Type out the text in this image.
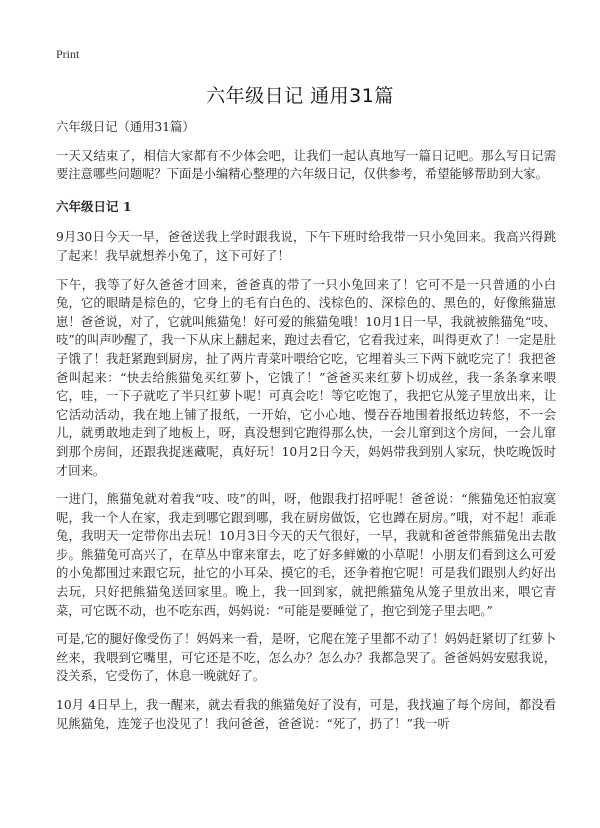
Print
六年级日记 通用31篇

六年级日记（通用31篇）

一天又结束了，相信大家都有不少体会吧，让我们一起认真地写一篇日记吧。那么写日记需要注意哪些问题呢？下面是小编精心整理的六年级日记，仅供参考，希望能够帮助到大家。

六年级日记 1

9月30日今天一早，爸爸送我上学时跟我说，下午下班时给我带一只小兔回来。我高兴得跳了起来！我早就想养小兔了，这下可好了！

下午，我等了好久爸爸才回来，爸爸真的带了一只小兔回来了！它可不是一只普通的小白兔，它的眼睛是棕色的，它身上的毛有白色的、浅棕色的、深棕色的、黑色的，好像熊猫崽崽！爸爸说，对了，它就叫熊猫兔！好可爱的熊猫兔哦！10月1日一早，我就被熊猫兔“吱、吱”的叫声吵醒了，我一下从床上翻起来，跑过去看它，它看我过来，叫得更欢了！一定是肚子饿了！我赶紧跑到厨房，扯了两片青菜叶喂给它吃，它埋着头三下两下就吃完了！我把爸爸叫起来：“快去给熊猫兔买红萝卜，它饿了！”爸爸买来红萝卜切成丝，我一条条拿来喂它，哇，一下子就吃了半只红萝卜呢！可真会吃！等它吃饱了，我把它从笼子里放出来，让它活动活动，我在地上铺了报纸，一开始，它小心地、慢吞吞地围着报纸边转悠，不一会儿，就勇敢地走到了地板上，呀，真没想到它跑得那么快，一会儿窜到这个房间，一会儿窜到那个房间，还跟我捉迷藏呢，真好玩！10月2日今天，妈妈带我到别人家玩，快吃晚饭时才回来。

一进门，熊猫兔就对着我“吱、吱”的叫，呀，他跟我打招呼呢！爸爸说：“熊猫兔还怕寂寞呢，我一个人在家，我走到哪它跟到哪，我在厨房做饭，它也蹲在厨房。”哦，对不起！乖乖兔，我明天一定带你出去玩！10月3日今天的天气很好，一早，我就和爸爸带熊猫兔出去散步。熊猫兔可高兴了，在草丛中窜来窜去，吃了好多鲜嫩的小草呢！小朋友们看到这么可爱的小兔都围过来跟它玩，扯它的小耳朵、摸它的毛，还争着抱它呢！可是我们跟别人约好出去玩，只好把熊猫兔送回家里。晚上，我一回到家，就把熊猫兔从笼子里放出来，喂它青菜，可它既不动，也不吃东西，妈妈说：“可能是要睡觉了，抱它到笼子里去吧。”

可是,它的腿好像受伤了！妈妈来一看，是呀，它爬在笼子里都不动了！妈妈赶紧切了红萝卜丝来，我喂到它嘴里，可它还是不吃，怎么办？怎么办？我都急哭了。爸爸妈妈安慰我说，没关系，它受伤了，休息一晚就好了。

10月 4日早上，我一醒来，就去看我的熊猫兔好了没有，可是，我找遍了每个房间，都没看见熊猫兔，连笼子也没见了！我问爸爸，爸爸说：“死了，扔了！”我一听
